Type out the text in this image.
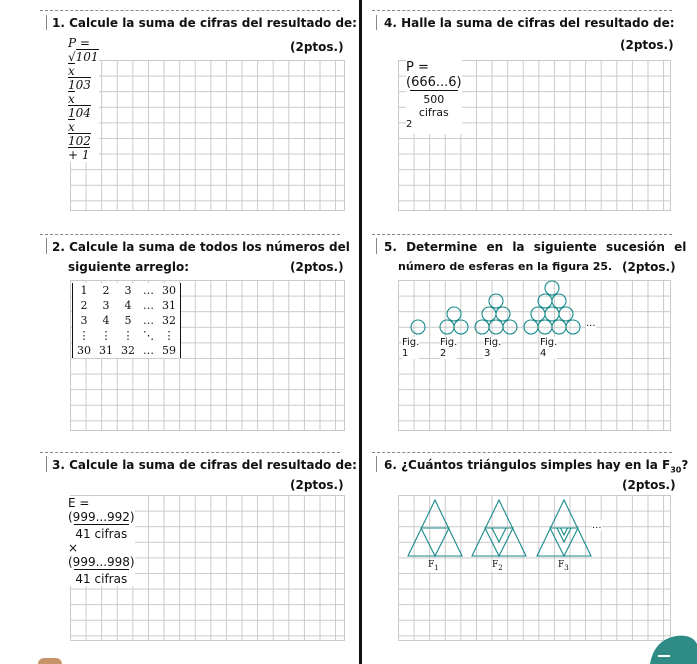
1. Calcule la suma de cifras del resultado de:
P = √101 x 103 x 104 x 102 + 1
(2ptos.)
2. Calcule la suma de todos los números del
siguiente arreglo:	(2ptos.)
1	2	3	…	30
2	3	4	…	31
3	4	5	…	32
⋮	⋮	⋮	⋱	⋮
30	31	32	…	59
3. Calcule la suma de cifras del resultado de:
(2ptos.)
E =
(999...992)
41 cifras
×
(999...998)
41 cifras
4. Halle la suma de cifras del resultado de:
(2ptos.)
P =
(666...6)
500 cifras
$^2$
5. Determine en la siguiente sucesión el
número de esferas en la figura 25. (2ptos.)
...
Fig. 1
Fig. 2
Fig. 3
Fig. 4
6. ¿Cuántos triángulos simples hay en la $F_{30}$?
(2ptos.)
...
$F_1$	$F_2$	$F_3$
